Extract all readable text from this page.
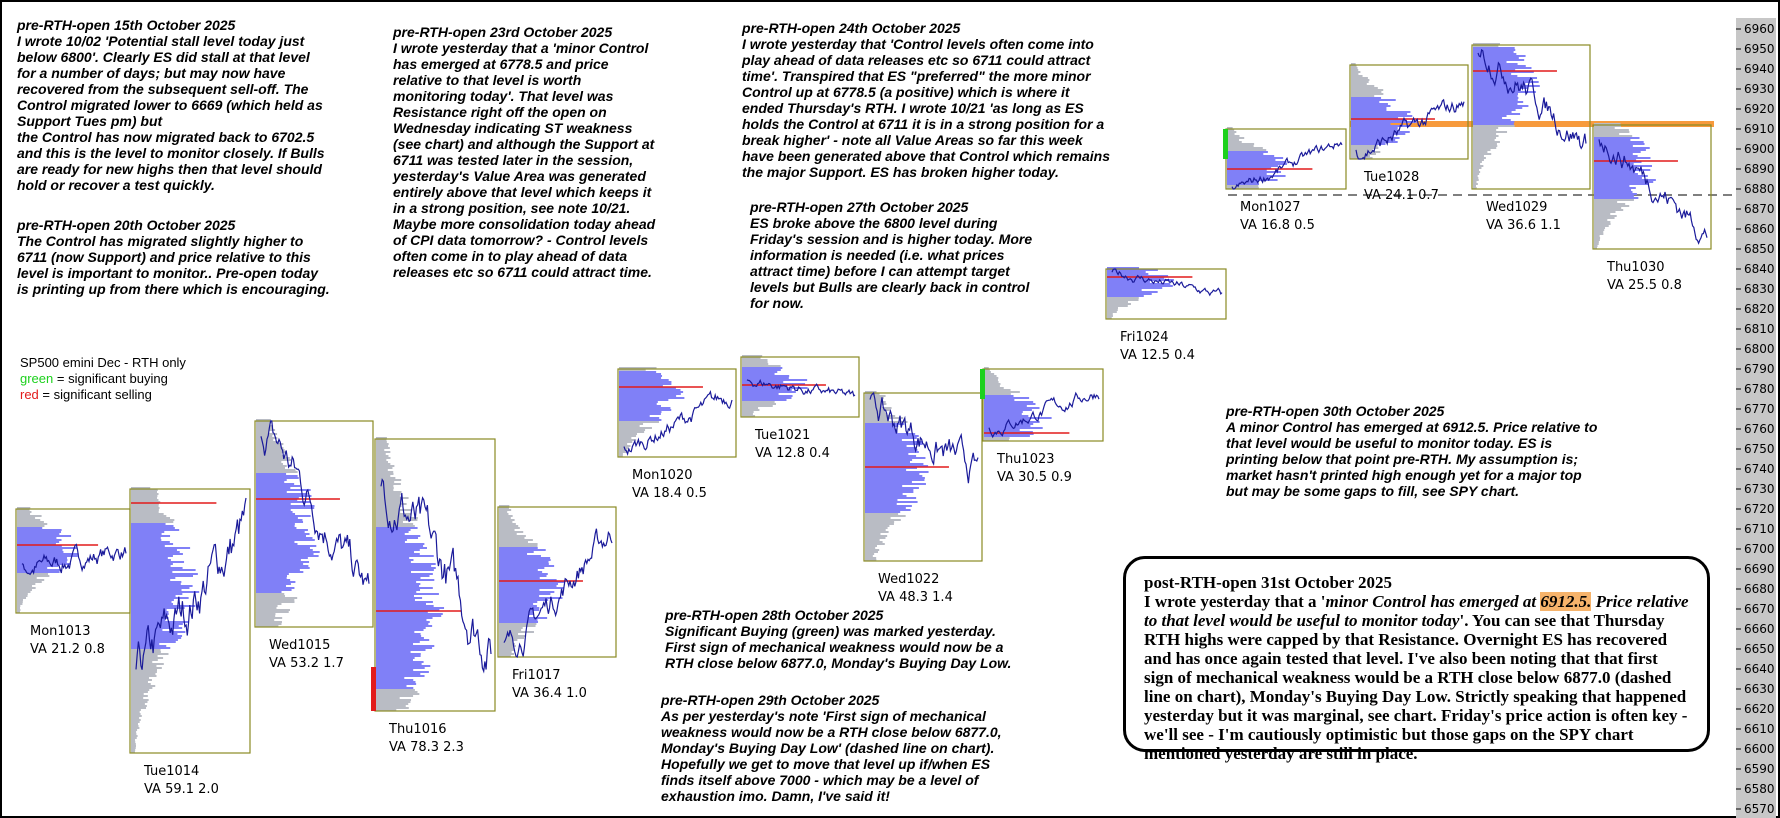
6570
6580
6590
6600
6610
6620
6630
6640
6650
6660
6670
6680
6690
6700
6710
6720
6730
6740
6750
6760
6770
6780
6790
6800
6810
6820
6830
6840
6850
6860
6870
6880
6890
6900
6910
6920
6930
6940
6950
6960
pre-RTH-open 15th October 2025
I wrote 10/02 'Potential stall level today just
below 6800'. Clearly ES did stall at that level
for a number of days; but may now have
recovered from the subsequent sell-off. The
Control migrated lower to 6669 (which held as
Support Tues pm) but
the Control has now migrated back to 6702.5
and this is the level to monitor closely. If Bulls
are ready for new highs then that level should
hold or recover a test quickly.
pre-RTH-open 20th October 2025
The Control has migrated slightly higher to
6711 (now Support) and price relative to this
level is important to monitor.. Pre-open today
is printing up from there which is encouraging.
pre-RTH-open 23rd October 2025
I wrote yesterday that a 'minor Control
has emerged at 6778.5 and price
relative to that level is worth
monitoring today'. That level was
Resistance right off the open on
Wednesday indicating ST weakness
(see chart) and although the Support at
6711 was tested later in the session,
yesterday's Value Area was generated
entirely above that level which keeps it
in a strong position, see note 10/21.
Maybe more consolidation today ahead
of CPI data tomorrow? - Control levels
often come in to play ahead of data
releases etc so 6711 could attract time.
pre-RTH-open 24th October 2025
I wrote yesterday that 'Control levels often come into
play ahead of data releases etc so 6711 could attract
time'. Transpired that ES "preferred" the more minor
Control up at 6778.5 (a positive) which is where it
ended Thursday's RTH. I wrote 10/21 'as long as ES
holds the Control at 6711 it is in a strong position for a
break higher' - note all Value Areas so far this week
have been generated above that Control which remains
the major Support. ES has broken higher today.
pre-RTH-open 27th October 2025
ES broke above the 6800 level during
Friday's session and is higher today. More
information is needed (i.e. what prices
attract time) before I can attempt target
levels but Bulls are clearly back in control
for now.
pre-RTH-open 28th October 2025
Significant Buying (green) was marked yesterday.
First sign of mechanical weakness would now be a
RTH close below 6877.0, Monday's Buying Day Low.
pre-RTH-open 29th October 2025
As per yesterday's note 'First sign of mechanical
weakness would now be a RTH close below 6877.0,
Monday's Buying Day Low' (dashed line on chart).
Hopefully we get to move that level up if/when ES
finds itself above 7000 - which may be a level of
exhaustion imo. Damn, I've said it!
pre-RTH-open 30th October 2025
A minor Control has emerged at 6912.5. Price relative to
that level would be useful to monitor today. ES is
printing below that point pre-RTH. My assumption is;
market hasn't printed high enough yet for a major top
but may be some gaps to fill, see SPY chart.
SP500 emini Dec - RTH only
green = significant buying
red = significant selling
Mon1013
VA 21.2 0.8
Tue1014
VA 59.1 2.0
Wed1015
VA 53.2 1.7
Thu1016
VA 78.3 2.3
Fri1017
VA 36.4 1.0
Mon1020
VA 18.4 0.5
Tue1021
VA 12.8 0.4
Wed1022
VA 48.3 1.4
Thu1023
VA 30.5 0.9
Fri1024
VA 12.5 0.4
Mon1027
VA 16.8 0.5
Tue1028
VA 24.1 0.7
Wed1029
VA 36.6 1.1
Thu1030
VA 25.5 0.8
post-RTH-open 31st October 2025
I wrote yesterday that a 'minor Control has emerged at 6912.5. Price relative to that level would be useful to monitor today'. You can see that Thursday RTH highs were capped by that Resistance. Overnight ES has recovered and has once again tested that level. I've also been noting that that first sign of mechanical weakness would be a RTH close below 6877.0 (dashed line on chart), Monday's Buying Day Low. Strictly speaking that happened yesterday but it was marginal, see chart. Friday's price action is often key - we'll see - I'm cautiously optimistic but those gaps on the SPY chart mentioned yesterday are still in place.
